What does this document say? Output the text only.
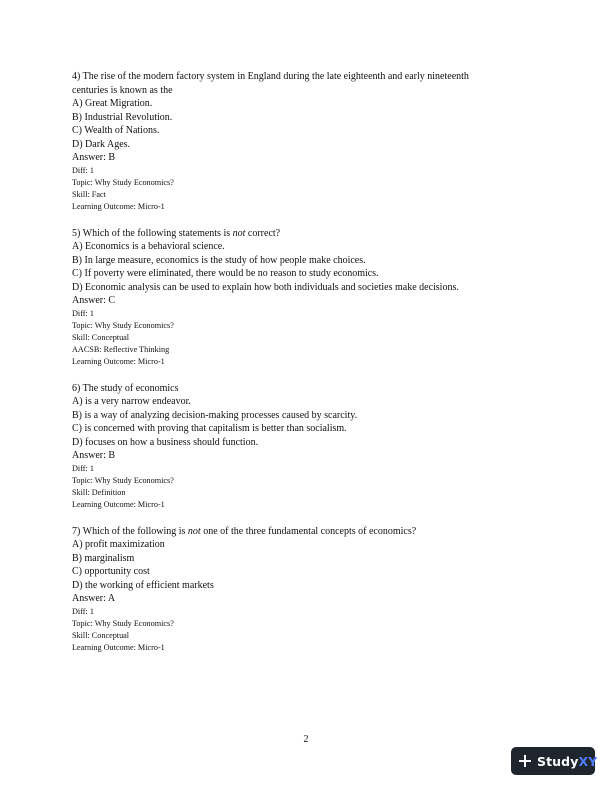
4) The rise of the modern factory system in England during the late eighteenth and early nineteenth
centuries is known as the
A) Great Migration.
B) Industrial Revolution.
C) Wealth of Nations.
D) Dark Ages.
Answer: B
Diff: 1
Topic: Why Study Economics?
Skill: Fact
Learning Outcome: Micro-1
5) Which of the following statements is not correct?
A) Economics is a behavioral science.
B) In large measure, economics is the study of how people make choices.
C) If poverty were eliminated, there would be no reason to study economics.
D) Economic analysis can be used to explain how both individuals and societies make decisions.
Answer: C
Diff: 1
Topic: Why Study Economics?
Skill: Conceptual
AACSB: Reflective Thinking
Learning Outcome: Micro-1
6) The study of economics
A) is a very narrow endeavor.
B) is a way of analyzing decision-making processes caused by scarcity.
C) is concerned with proving that capitalism is better than socialism.
D) focuses on how a business should function.
Answer: B
Diff: 1
Topic: Why Study Economics?
Skill: Definition
Learning Outcome: Micro-1
7) Which of the following is not one of the three fundamental concepts of economics?
A) profit maximization
B) marginalism
C) opportunity cost
D) the working of efficient markets
Answer: A
Diff: 1
Topic: Why Study Economics?
Skill: Conceptual
Learning Outcome: Micro-1
2
StudyXY
